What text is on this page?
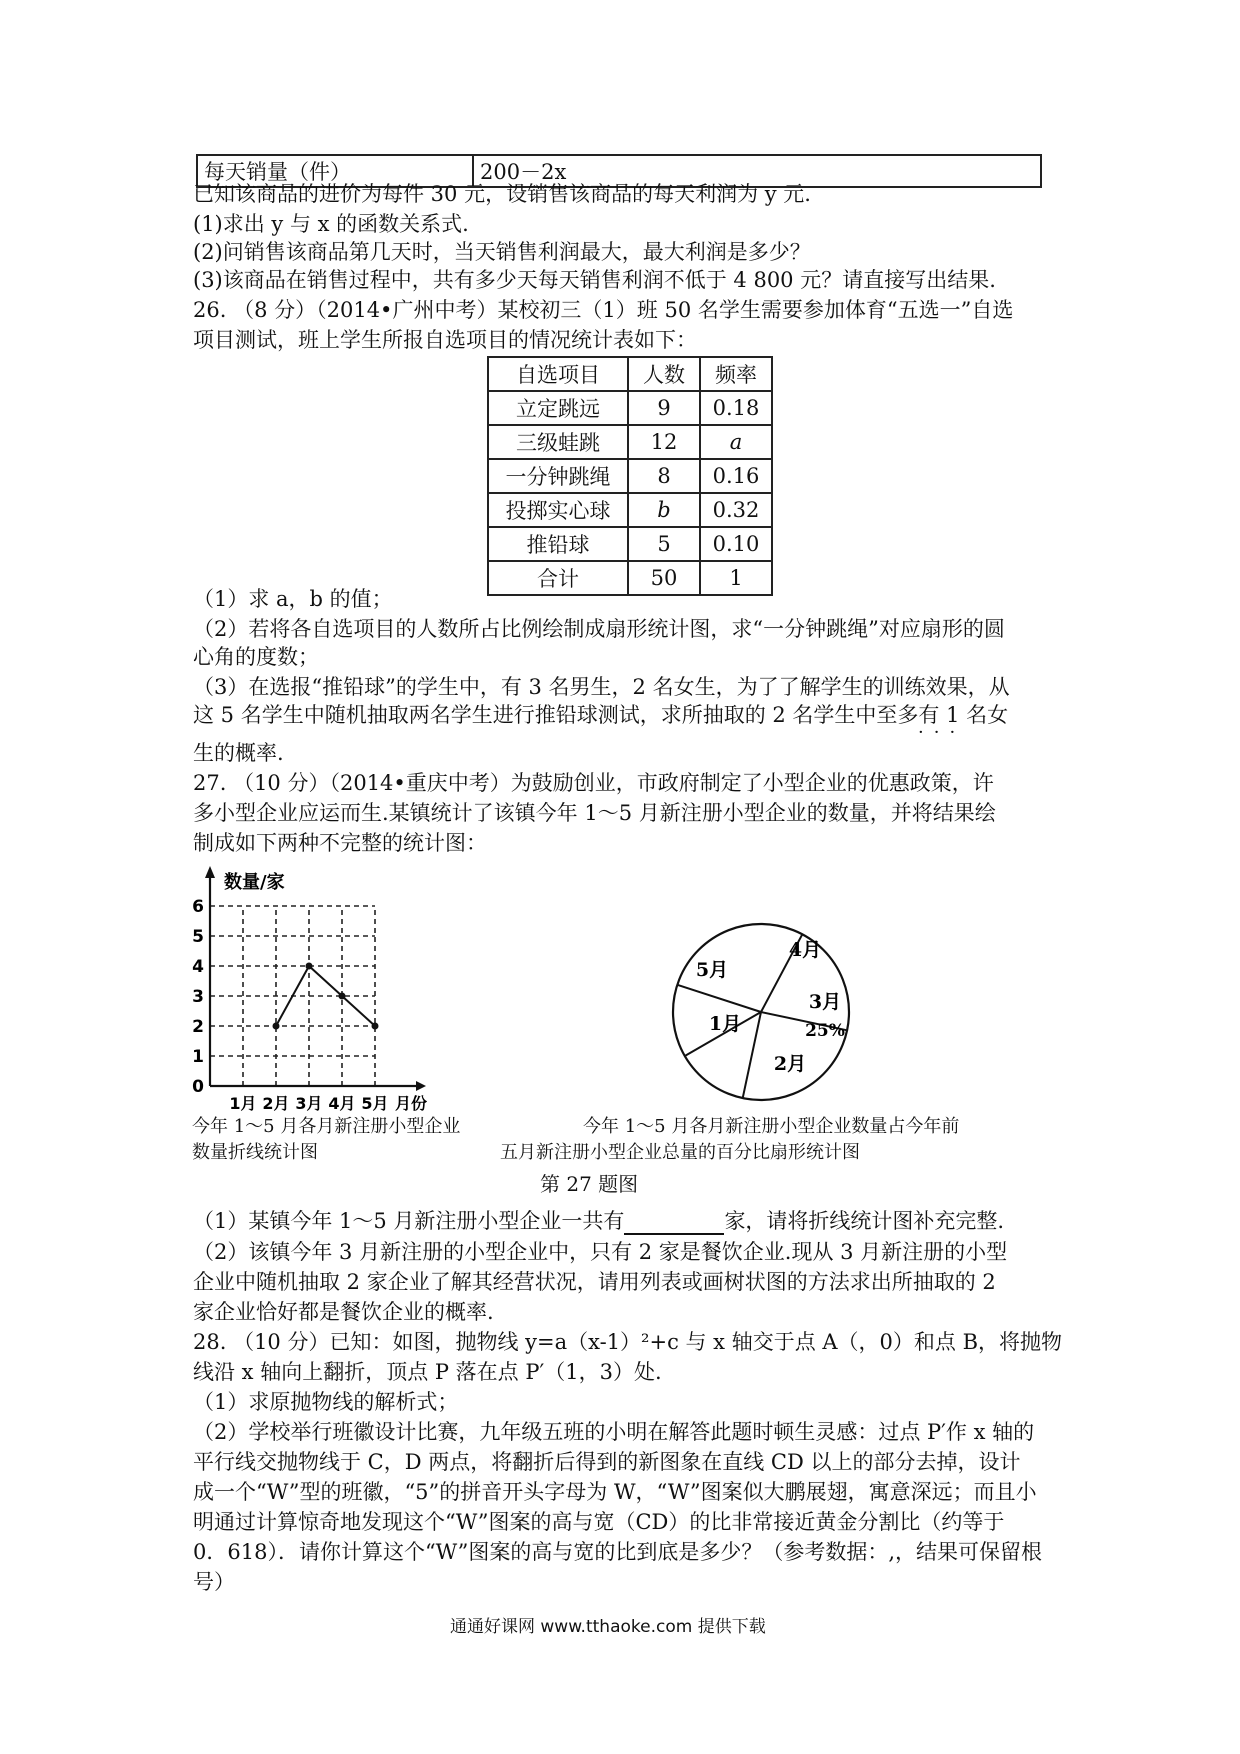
每天销量（件）	200－2x
已知该商品的进价为每件 30 元，设销售该商品的每天利润为 y 元.
(1)求出 y 与 x 的函数关系式.
(2)问销售该商品第几天时，当天销售利润最大，最大利润是多少？
(3)该商品在销售过程中，共有多少天每天销售利润不低于 4 800 元？请直接写出结果.
26. （8 分）（2014•广州中考）某校初三（1）班 50 名学生需要参加体育“五选一”自选
项目测试，班上学生所报自选项目的情况统计表如下：
自选项目	人数	频率
立定跳远	9	0.18
三级蛙跳	12	a
一分钟跳绳	8	0.16
投掷实心球	b	0.32
推铅球	5	0.10
合计	50	1
（1）求 a，b 的值；
（2）若将各自选项目的人数所占比例绘制成扇形统计图，求“一分钟跳绳”对应扇形的圆
心角的度数；
（3）在选报“推铅球”的学生中，有 3 名男生，2 名女生，为了了解学生的训练效果，从
这 5 名学生中随机抽取两名学生进行推铅球测试，求所抽取的 2 名学生中至多有 1 名女
···
生的概率.
27. （10 分）（2014•重庆中考）为鼓励创业，市政府制定了小型企业的优惠政策，许
多小型企业应运而生.某镇统计了该镇今年 1～5 月新注册小型企业的数量，并将结果绘
制成如下两种不完整的统计图：
数量/家
0
1
2
3
4
5
6
1月 2月 3月 4月 5月 月份
4月
3月
2月
1月
5月
25%
今年 1～5 月各月新注册小型企业
数量折线统计图
今年 1～5 月各月新注册小型企业数量占今年前
五月新注册小型企业总量的百分比扇形统计图
第 27 题图
（1）某镇今年 1～5 月新注册小型企业一共有	家，请将折线统计图补充完整.
（2）该镇今年 3 月新注册的小型企业中，只有 2 家是餐饮企业.现从 3 月新注册的小型
企业中随机抽取 2 家企业了解其经营状况，请用列表或画树状图的方法求出所抽取的 2
家企业恰好都是餐饮企业的概率.
28. （10 分）已知：如图，抛物线 y=a（x-1）²+c 与 x 轴交于点 A（，0）和点 B，将抛物
线沿 x 轴向上翻折，顶点 P 落在点 P′（1，3）处.
（1）求原抛物线的解析式；
（2）学校举行班徽设计比赛，九年级五班的小明在解答此题时顿生灵感：过点 P′作 x 轴的
平行线交抛物线于 C，D 两点，将翻折后得到的新图象在直线 CD 以上的部分去掉，设计
成一个“W”型的班徽，“5”的拼音开头字母为 W，“W”图案似大鹏展翅，寓意深远；而且小
明通过计算惊奇地发现这个“W”图案的高与宽（CD）的比非常接近黄金分割比（约等于
0．618）．请你计算这个“W”图案的高与宽的比到底是多少？（参考数据：,，结果可保留根
号）
通通好课网 www.tthaoke.com 提供下载
